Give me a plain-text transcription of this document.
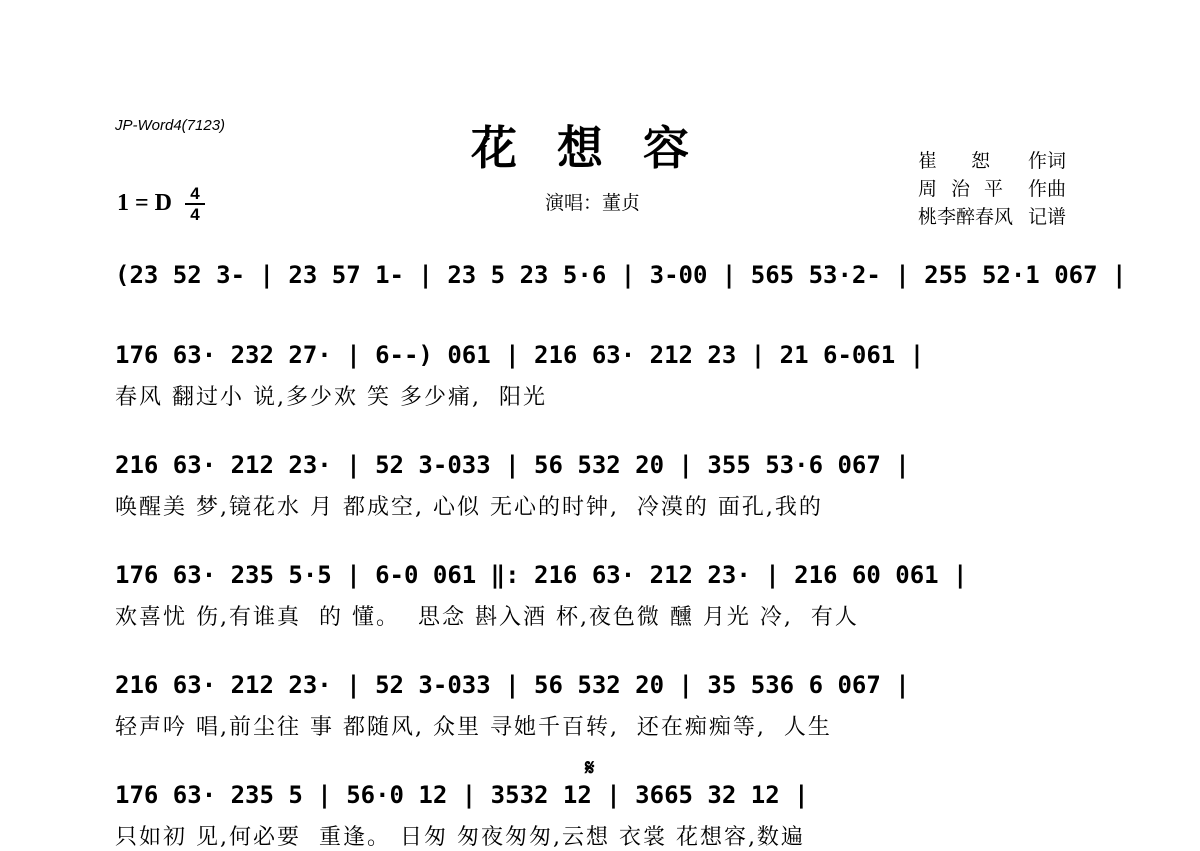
JP-Word4(7123)	花想容	崔 恕	作词
周治平 作曲
桃李醉春风 记谱
1 = D	4
4
演唱：董贞
𝄋
(23 52 3- | 23 57 1- | 23 5 23 5·6 | 3-00 | 565 53·2- | 255 52·1 067 |
176 63· 232 27· | 6--) 061 | 216 63· 212 23 | 21 6-061 |
春风 翻过小 说,多少欢 笑 多少痛,  阳光
216 63· 212 23· | 52 3-033 | 56 532 20 | 355 53·6 067 |
唤醒美 梦,镜花水 月 都成空, 心似 无心的时钟,  冷漠的 面孔,我的
176 63· 235 5·5 | 6-0 061 ‖: 216 63· 212 23· | 216 60 061 |
欢喜忧 伤,有谁真  的 懂。  思念 斟入酒 杯,夜色微 醺 月光 冷,  有人
216 63· 212 23· | 52 3-033 | 56 532 20 | 35 536 6 067 |
轻声吟 唱,前尘往 事 都随风, 众里 寻她千百转,  还在痴痴等,  人生
176 63· 235 5 | 56·0 12 | 3532 12 | 3665 32 12 |
只如初 见,何必要  重逢。 日匆 匆夜匆匆,云想 衣裳 花想容,数遍
